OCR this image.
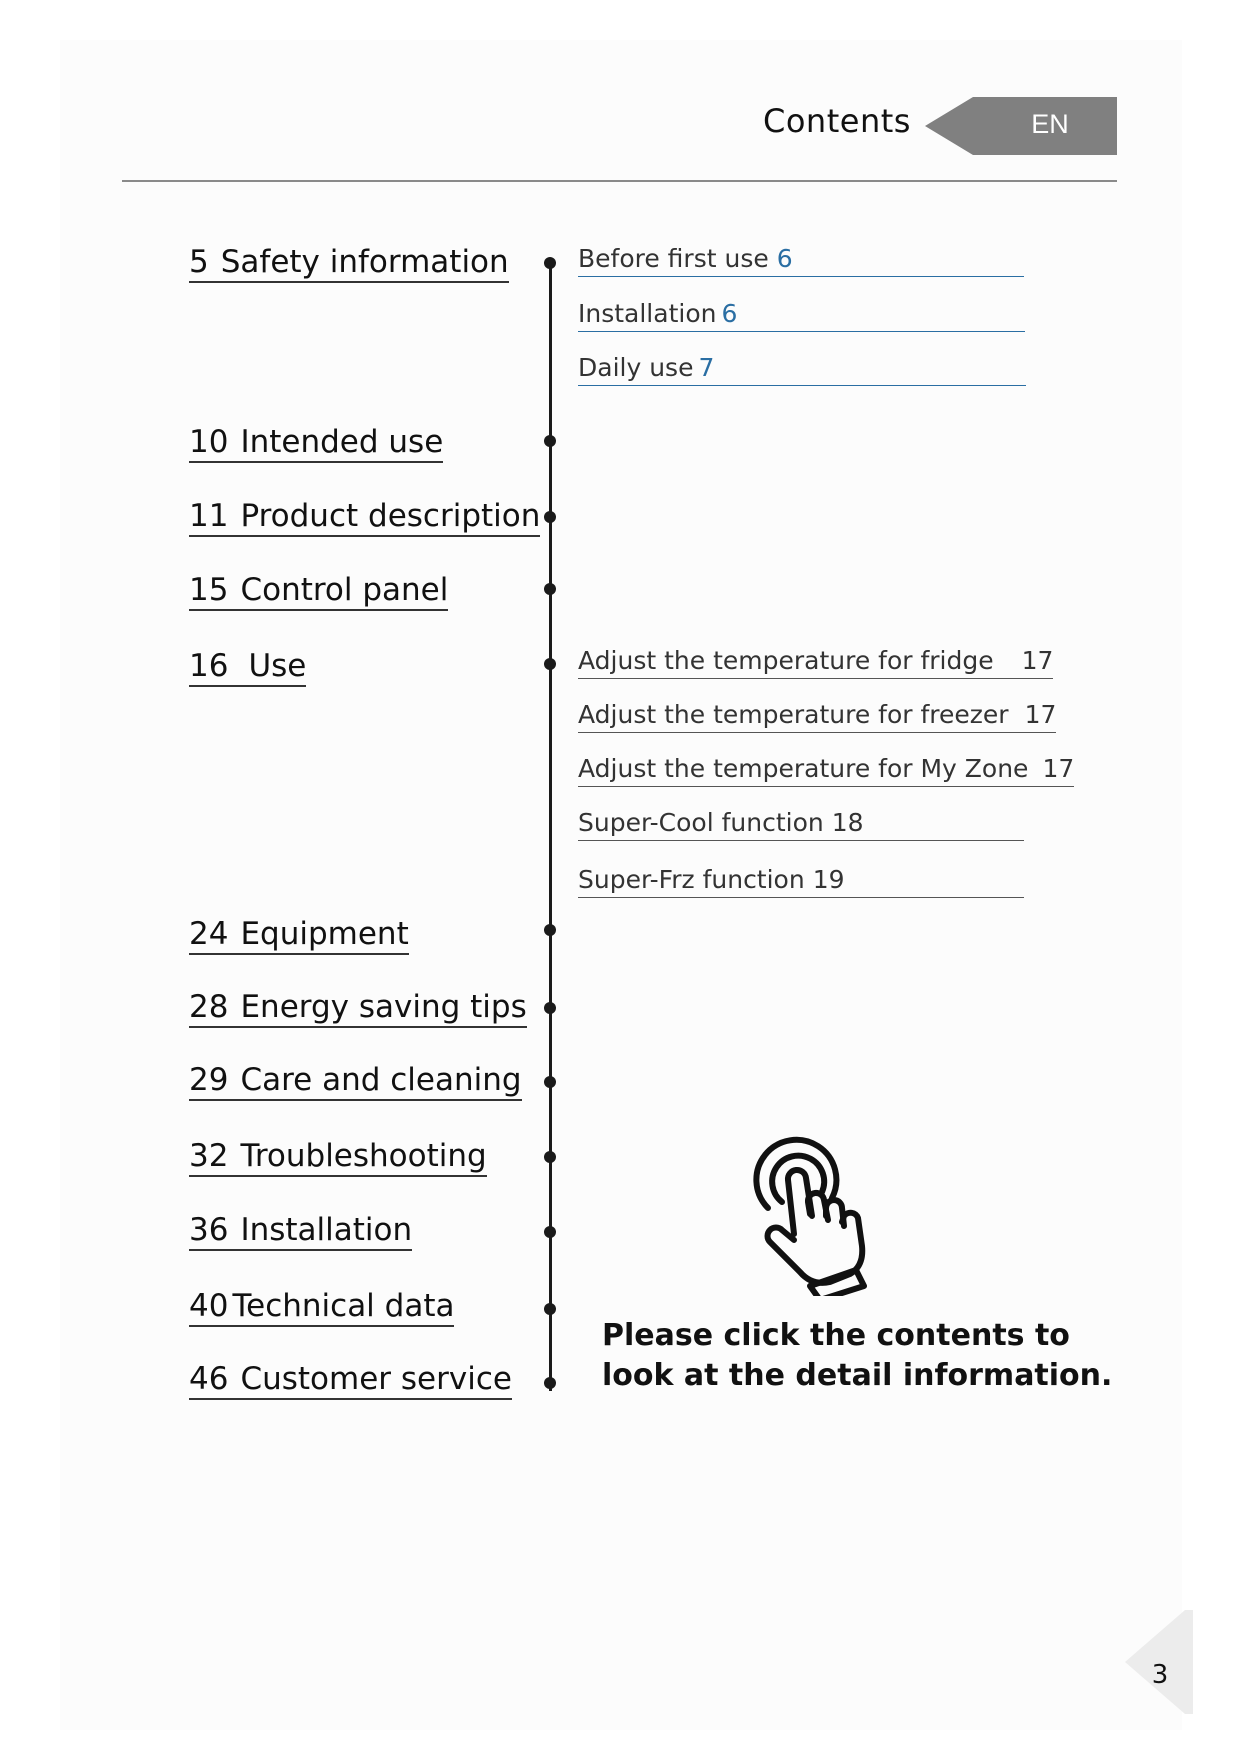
Contents	EN
5 Safety information
10 Intended use
11 Product description
15 Control panel
16 Use
24 Equipment
28 Energy saving tips
29 Care and cleaning
32 Troubleshooting
36 Installation
40 Technical data
46 Customer service
Before first use 6
Installation 6
Daily use 7
Adjust the temperature for fridge 17
Adjust the temperature for freezer 17
Adjust the temperature for My Zone 17
Super-Cool function 18
Super-Frz function 19
Please click the contents to
look at the detail information.
3
